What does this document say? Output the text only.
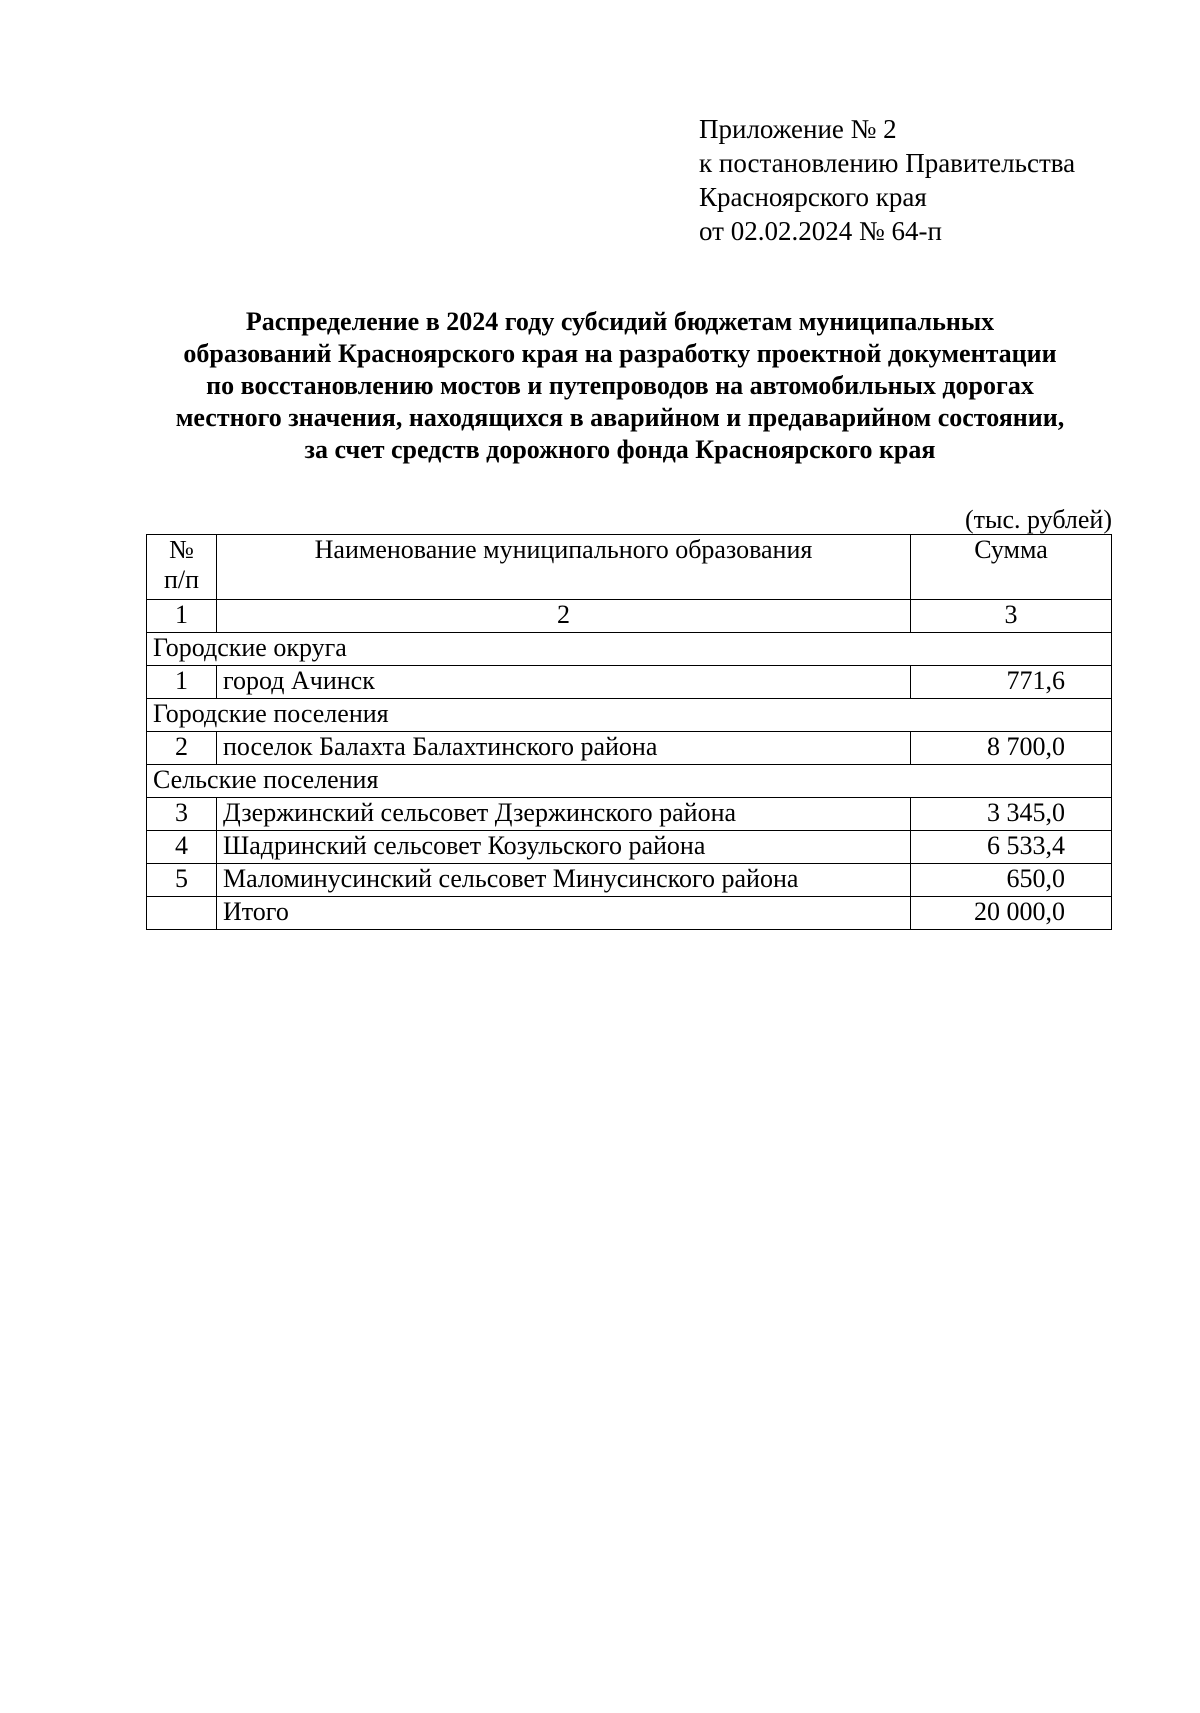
Приложение № 2
к постановлению Правительства
Красноярского края
от 02.02.2024 № 64-п
Распределение в 2024 году субсидий бюджетам муниципальных
образований Красноярского края на разработку проектной документации
по восстановлению мостов и путепроводов на автомобильных дорогах
местного значения, находящихся в аварийном и предаварийном состоянии,
за счет средств дорожного фонда Красноярского края
(тыс. рублей)
№
п/п	Наименование муниципального образования	Сумма
1	2	3
Городские округа		
1	город Ачинск	771,6
Городские поселения		
2	поселок Балахта Балахтинского района	8 700,0
Сельские поселения		
3	Дзержинский сельсовет Дзержинского района	3 345,0
4	Шадринский сельсовет Козульского района	6 533,4
5	Маломинусинский сельсовет Минусинского района	650,0
	Итого	20 000,0
